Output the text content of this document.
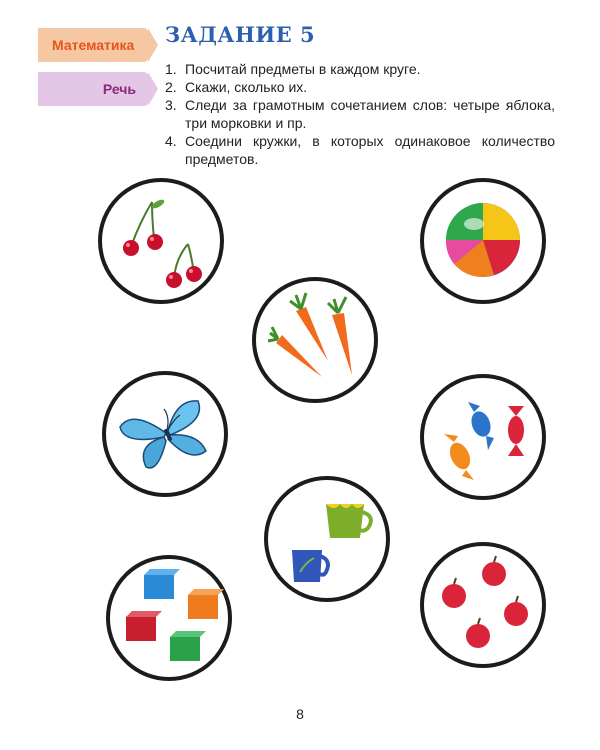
Математика
Речь
ЗАДАНИЕ 5
1. Посчитай предметы в каждом круге.
2. Скажи, сколько их.
3. Следи за грамотным сочетанием слов: четыре яблока, три морковки и пр.
4. Соедини кружки, в которых одинаковое количество предметов.
8
